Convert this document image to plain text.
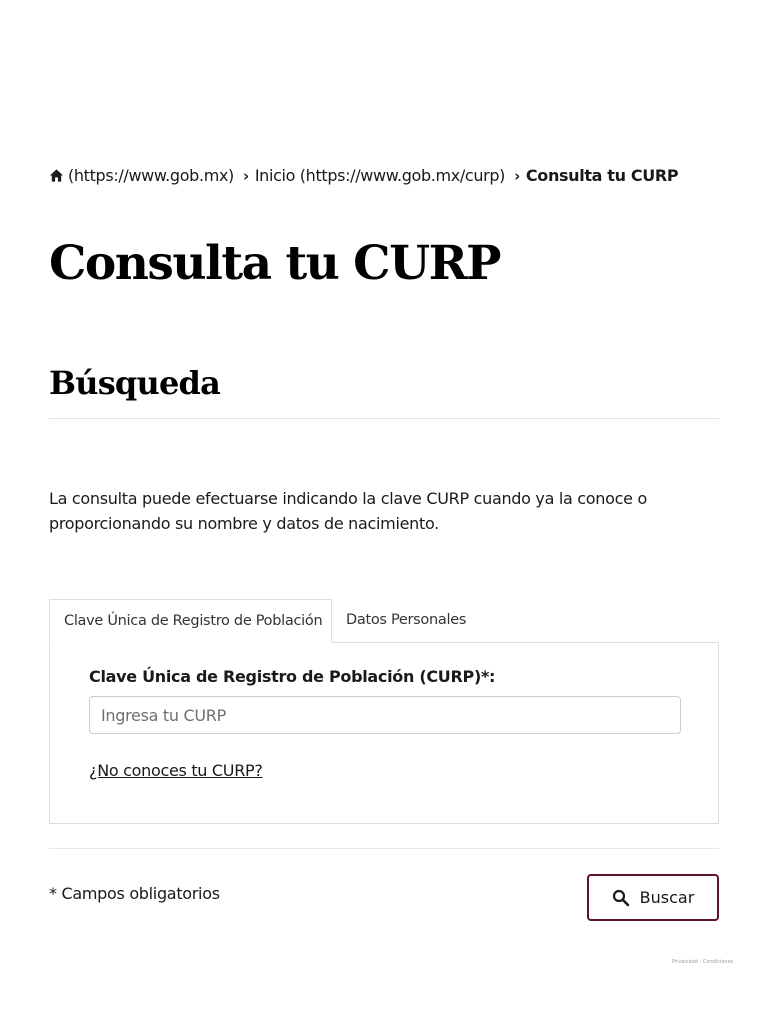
(https://www.gob.mx) › Inicio (https://www.gob.mx/curp) › Consulta tu CURP
Consulta tu CURP
Búsqueda

La consulta puede efectuarse indicando la clave CURP cuando ya la conoce o proporcionando su nombre y datos de nacimiento.

Clave Única de Registro de Población	Datos Personales
Clave Única de Registro de Población (CURP)*:
Ingresa tu CURP
¿No conoces tu CURP?
* Campos obligatorios	Buscar
Privacidad - Condiciones
